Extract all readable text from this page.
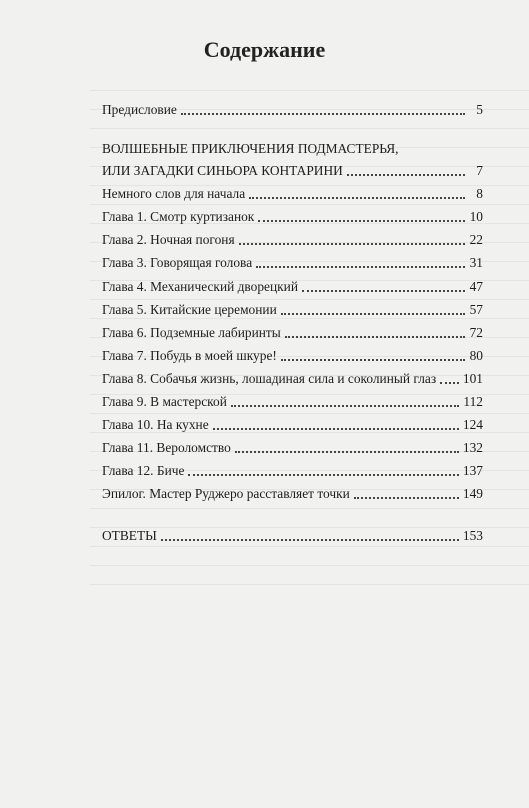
Содержание
Предисловие	5
ВОЛШЕБНЫЕ ПРИКЛЮЧЕНИЯ ПОДМАСТЕРЬЯ,
ИЛИ ЗАГАДКИ СИНЬОРА КОНТАРИНИ	7
Немного слов для начала	8
Глава 1. Смотр куртизанок	10
Глава 2. Ночная погоня	22
Глава 3. Говорящая голова	31
Глава 4. Механический дворецкий	47
Глава 5. Китайские церемонии	57
Глава 6. Подземные лабиринты	72
Глава 7. Побудь в моей шкуре!	80
Глава 8. Собачья жизнь, лошадиная сила и соколиный глаз 101
Глава 9. В мастерской	112
Глава 10. На кухне	124
Глава 11. Вероломство	132
Глава 12. Биче	137
Эпилог. Мастер Руджеро расставляет точки	149
ОТВЕТЫ	153
